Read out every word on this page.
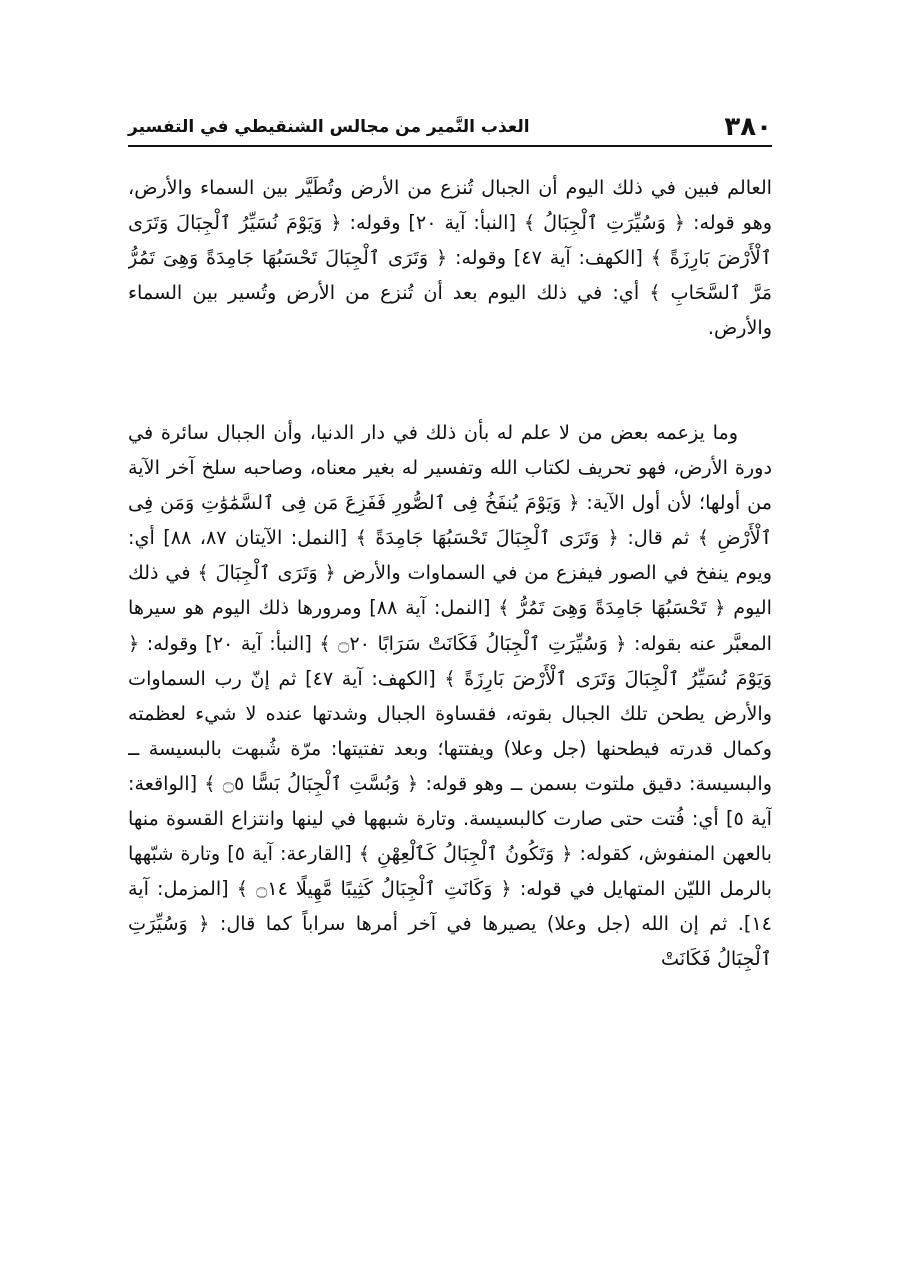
٣٨٠
العذب النَّمير من مجالس الشنقيطي في التفسير

العالم فبين في ذلك اليوم أن الجبال تُنزع من الأرض وتُطَيَّر بين السماء والأرض، وهو قوله: ﴿ وَسُيِّرَتِ ٱلْجِبَالُ ﴾ [النبأ: آية ٢٠] وقوله: ﴿ وَيَوْمَ نُسَيِّرُ ٱلْجِبَالَ وَتَرَى ٱلْأَرْضَ بَارِزَةً ﴾ [الكهف: آية ٤٧] وقوله: ﴿ وَتَرَى ٱلْجِبَالَ تَحْسَبُهَا جَامِدَةً وَهِىَ تَمُرُّ مَرَّ ٱلسَّحَابِ ﴾ أي: في ذلك اليوم بعد أن تُنزع من الأرض وتُسير بين السماء والأرض.

وما يزعمه بعض من لا علم له بأن ذلك في دار الدنيا، وأن الجبال سائرة في دورة الأرض، فهو تحريف لكتاب الله وتفسير له بغير معناه، وصاحبه سلخ آخر الآية من أولها؛ لأن أول الآية: ﴿ وَيَوْمَ يُنفَخُ فِى ٱلصُّورِ فَفَزِعَ مَن فِى ٱلسَّمَٰوَٰتِ وَمَن فِى ٱلْأَرْضِ ﴾ ثم قال: ﴿ وَتَرَى ٱلْجِبَالَ تَحْسَبُهَا جَامِدَةً ﴾ [النمل: الآيتان ٨٧، ٨٨] أي: ويوم ينفخ في الصور فيفزع من في السماوات والأرض ﴿ وَتَرَى ٱلْجِبَالَ ﴾ في ذلك اليوم ﴿ تَحْسَبُهَا جَامِدَةً وَهِىَ تَمُرُّ ﴾ [النمل: آية ٨٨] ومرورها ذلك اليوم هو سيرها المعبَّر عنه بقوله: ﴿ وَسُيِّرَتِ ٱلْجِبَالُ فَكَانَتْ سَرَابًا ۝٢٠ ﴾ [النبأ: آية ٢٠] وقوله: ﴿ وَيَوْمَ نُسَيِّرُ ٱلْجِبَالَ وَتَرَى ٱلْأَرْضَ بَارِزَةً ﴾ [الكهف: آية ٤٧] ثم إنّ رب السماوات والأرض يطحن تلك الجبال بقوته، فقساوة الجبال وشدتها عنده لا شيء لعظمته وكمال قدرته فيطحنها (جل وعلا) ويفتتها؛ وبعد تفتيتها: مرّة شُبهت بالبسيسة ــ والبسيسة: دقيق ملتوت بسمن ــ وهو قوله: ﴿ وَبُسَّتِ ٱلْجِبَالُ بَسًّا ۝٥ ﴾ [الواقعة: آية ٥] أي: فُتت حتى صارت كالبسيسة. وتارة شبهها في لينها وانتزاع القسوة منها بالعهن المنفوش، كقوله: ﴿ وَتَكُونُ ٱلْجِبَالُ كَٱلْعِهْنِ ﴾ [القارعة: آية ٥] وتارة شبّهها بالرمل الليّن المتهايل في قوله: ﴿ وَكَانَتِ ٱلْجِبَالُ كَثِيبًا مَّهِيلًا ۝١٤ ﴾ [المزمل: آية ١٤]. ثم إن الله (جل وعلا) يصيرها في آخر أمرها سراباً كما قال: ﴿ وَسُيِّرَتِ ٱلْجِبَالُ فَكَانَتْ
